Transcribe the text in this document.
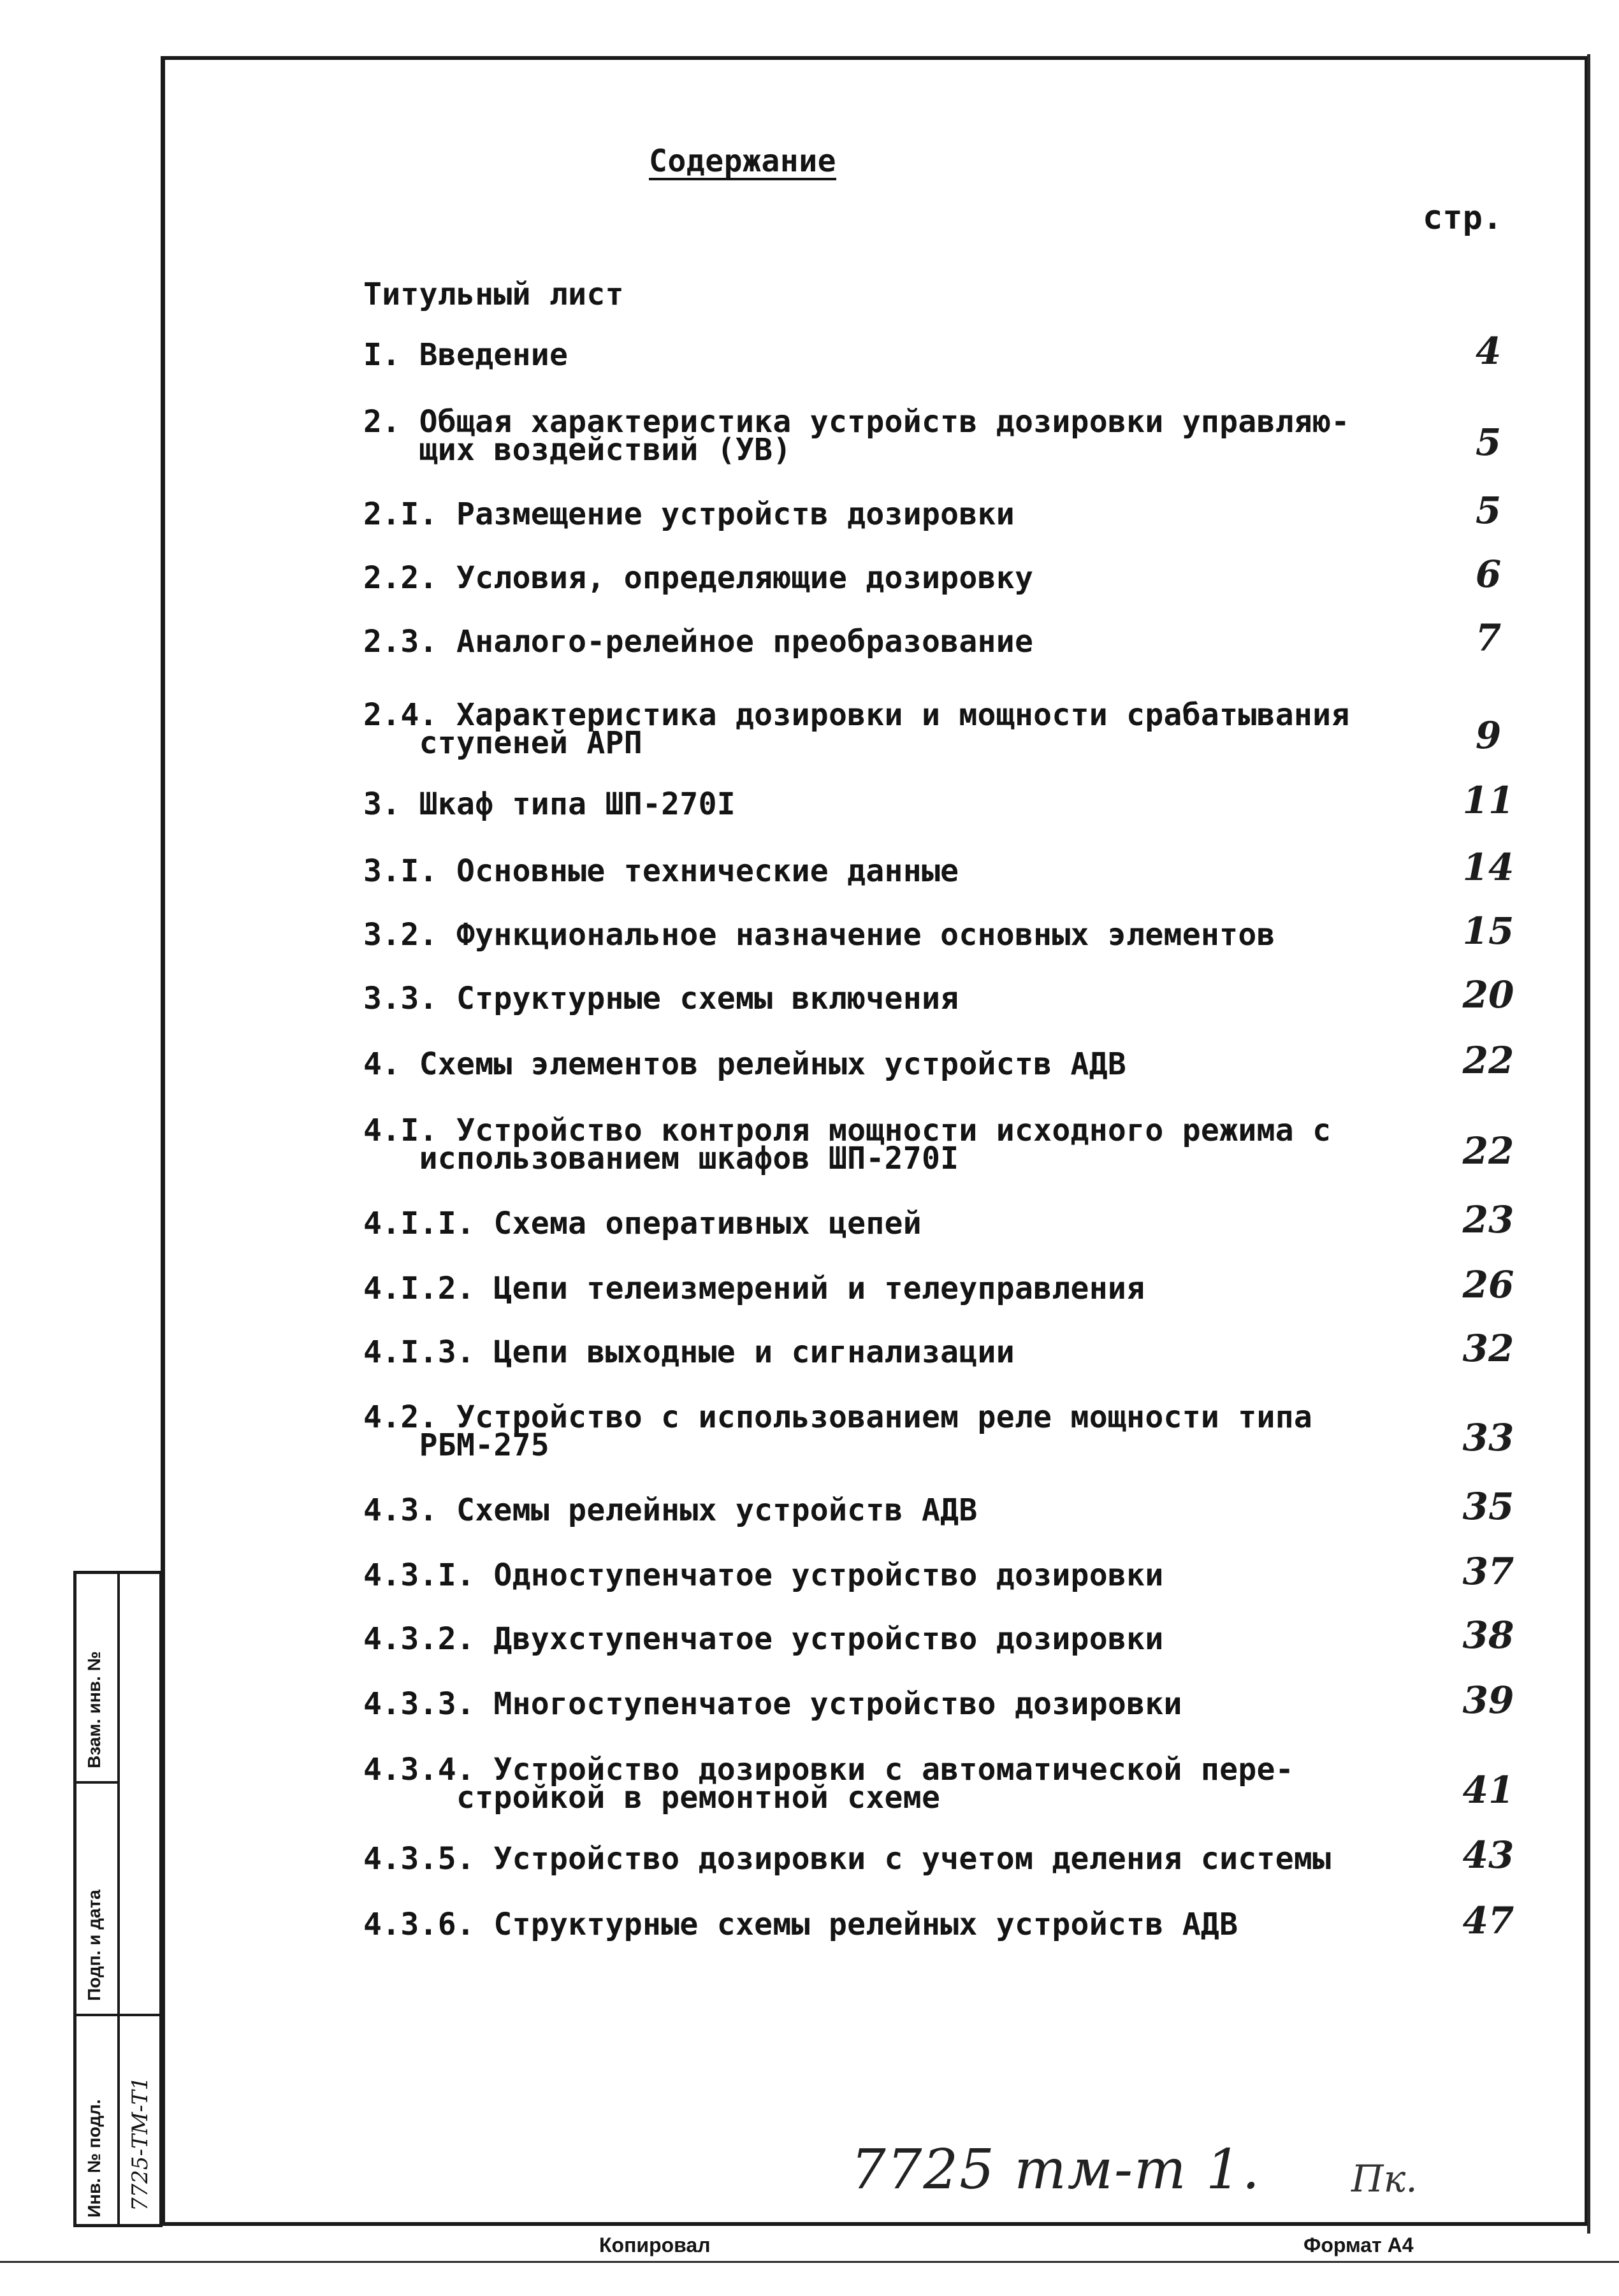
Содержание
стр.
Титульный лист
I. Введение	4
2. Общая характеристика устройств дозировки управляю-
щих воздействий (УВ)	5
2.I. Размещение устройств дозировки	5
2.2. Условия, определяющие дозировку	6
2.3. Аналого-релейное преобразование	7
2.4. Характеристика дозировки и мощности срабатывания
ступеней АРП	9
3. Шкаф типа ШП-270I	11
3.I. Основные технические данные	14
3.2. Функциональное назначение основных элементов	15
3.3. Структурные схемы включения	20
4. Схемы элементов релейных устройств АДВ	22
4.I. Устройство контроля мощности исходного режима с
использованием шкафов ШП-270I	22
4.I.I. Схема оперативных цепей	23
4.I.2. Цепи телеизмерений и телеуправления	26
4.I.3. Цепи выходные и сигнализации	32
4.2. Устройство с использованием реле мощности типа
РБМ-275	33
4.3. Схемы релейных устройств АДВ	35
4.3.I. Одноступенчатое устройство дозировки	37
4.3.2. Двухступенчатое устройство дозировки	38
4.3.3. Многоступенчатое устройство дозировки	39
4.3.4. Устройство дозировки с автоматической пере-
стройкой в ремонтной схеме	41
4.3.5. Устройство дозировки с учетом деления системы	43
4.3.6. Структурные схемы релейных устройств АДВ	47
Инв. № подл.
Подп. и дата
Взам. инв. №
7725-ТМ-Т1	7725 тм-т 1. Пк.
Копировал	Формат А4
